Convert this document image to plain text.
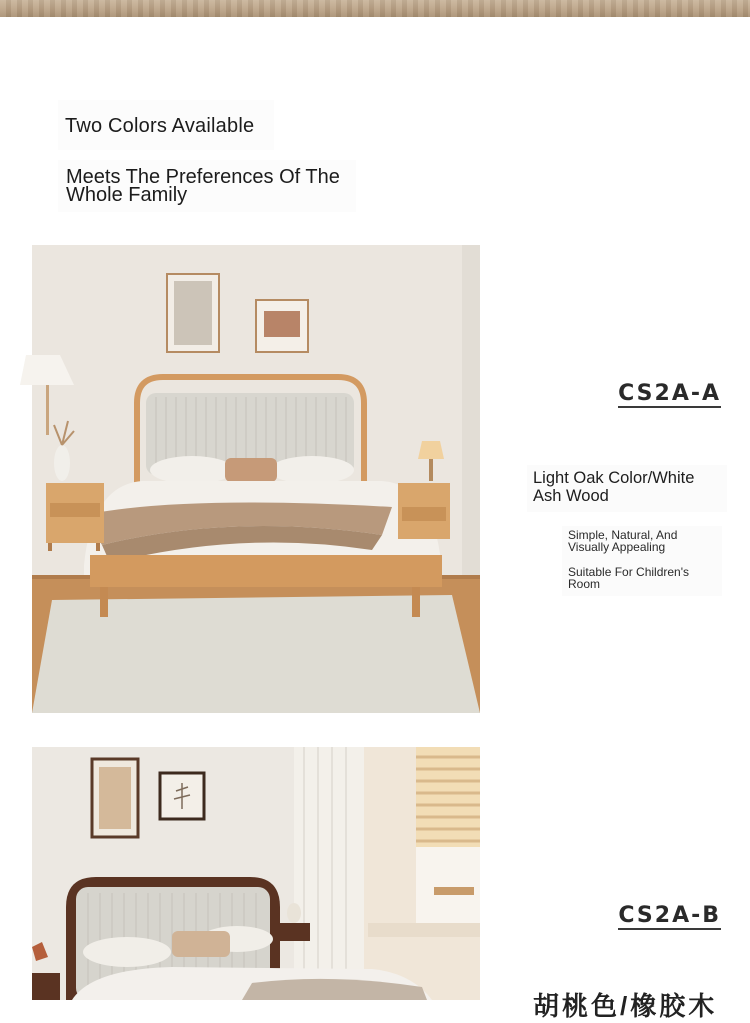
Two Colors Available
Meets The Preferences Of The
Whole Family
CS2A-A
Light Oak Color/White
Ash Wood
Simple, Natural, And
Visually Appealing
Suitable For Children's
Room
CS2A-B
胡桃色/橡胶木
